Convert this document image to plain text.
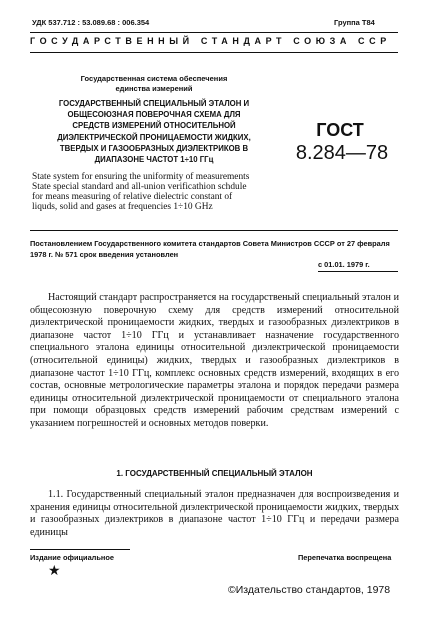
УДК 537.712 : 53.089.68 : 006.354	Группа Т84
ГОСУДАРСТВЕННЫЙ СТАНДАРТ СОЮЗА ССР
Государственная система обеспечения
единства измерений
ГОСУДАРСТВЕННЫЙ СПЕЦИАЛЬНЫЙ ЭТАЛОН И
ОБЩЕСОЮЗНАЯ ПОВЕРОЧНАЯ СХЕМА ДЛЯ
СРЕДСТВ ИЗМЕРЕНИЙ ОТНОСИТЕЛЬНОЙ
ДИЭЛЕКТРИЧЕСКОЙ ПРОНИЦАЕМОСТИ ЖИДКИХ,
ТВЕРДЫХ И ГАЗООБРАЗНЫХ ДИЭЛЕКТРИКОВ В
ДИАПАЗОНЕ ЧАСТОТ 1÷10 ГГц
ГОСТ
8.284—78
State system for ensuring the uniformity of measurements
State special standard and all-union verificathion schdule
for means measuring of relative dielectric constant of
liquds, solid and gases at frequencies 1÷10 GHz
Постановлением Государственного комитета стандартов Совета Министров СССР от 27 февраля 1978 г. № 571 срок введения установлен
с 01.01. 1979 г.

Настоящий стандарт распространяется на государственый специальный эталон и общесоюзную поверочную схему для средств измерений относительной диэлектрической проницаемости жидких, твердых и газообразных диэлектриков в диапазоне частот 1÷10 ГГц и устанавливает назначение государственного специального эталона единицы относительной диэлектрической проницаемости (относительной единицы) жидких, твердых и газообразных диэлектриков в диапазоне частот 1÷10 ГГц, комплекс основных средств измерений, входящих в его состав, основные метрологические параметры эталона и порядок передачи размера единицы относительной диэлектрической проницаемости от специального эталона при помощи образцовых средств измерений рабочим средствам измерений с указанием погрешностей и основных методов поверки.

1. ГОСУДАРСТВЕННЫЙ СПЕЦИАЛЬНЫЙ ЭТАЛОН

1.1. Государственный специальный эталон предназначен для воспроизведения и хранения единицы относительной диэлектрической проницаемости жидких, твердых и газообразных диэлектриков в диапазоне частот 1÷10 ГГц и передачи размера единицы

Издание официальное	Перепечатка воспрещена
★
©Издательство стандартов, 1978
